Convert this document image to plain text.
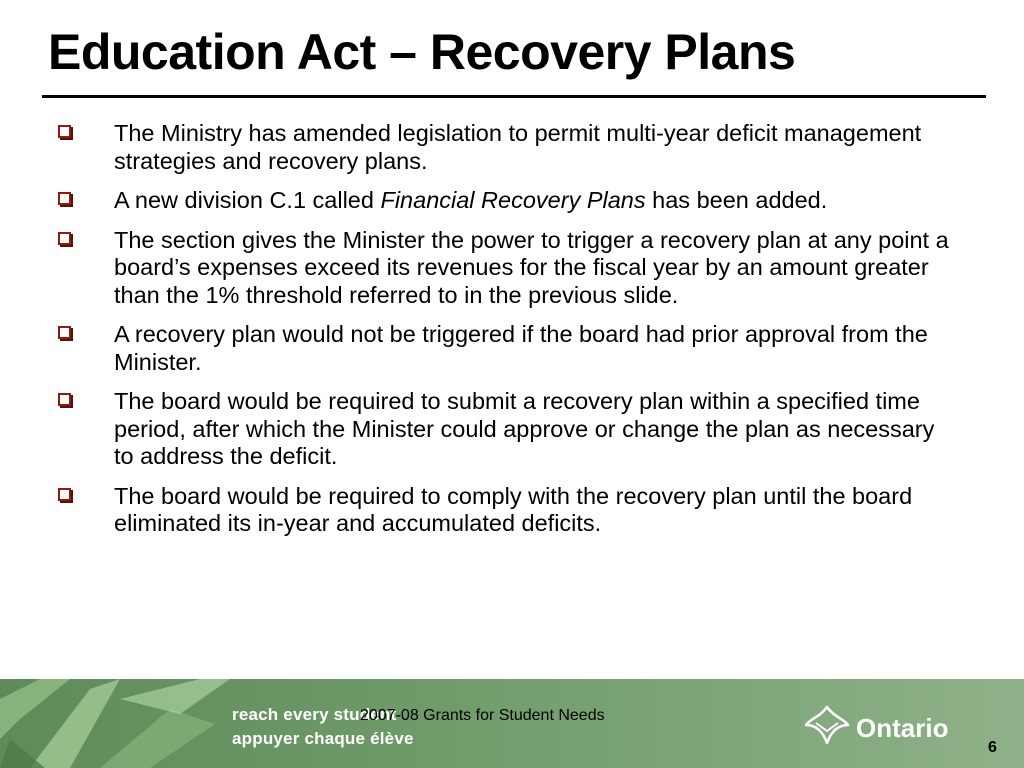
Education Act – Recovery Plans
The Ministry has amended legislation to permit multi-year deficit management strategies and recovery plans.
A new division C.1 called Financial Recovery Plans has been added.
The section gives the Minister the power to trigger a recovery plan at any point a board’s expenses exceed its revenues for the fiscal year by an amount greater than the 1% threshold referred to in the previous slide.
A recovery plan would not be triggered if the board had prior approval from the Minister.
The board would be required to submit a recovery plan within a specified time period, after which the Minister could approve or change the plan as necessary to address the deficit.
The board would be required to comply with the recovery plan until the board eliminated its in-year and accumulated deficits.
reach every student
appuyer chaque élève
2007-08 Grants for Student Needs	Ontario
6
